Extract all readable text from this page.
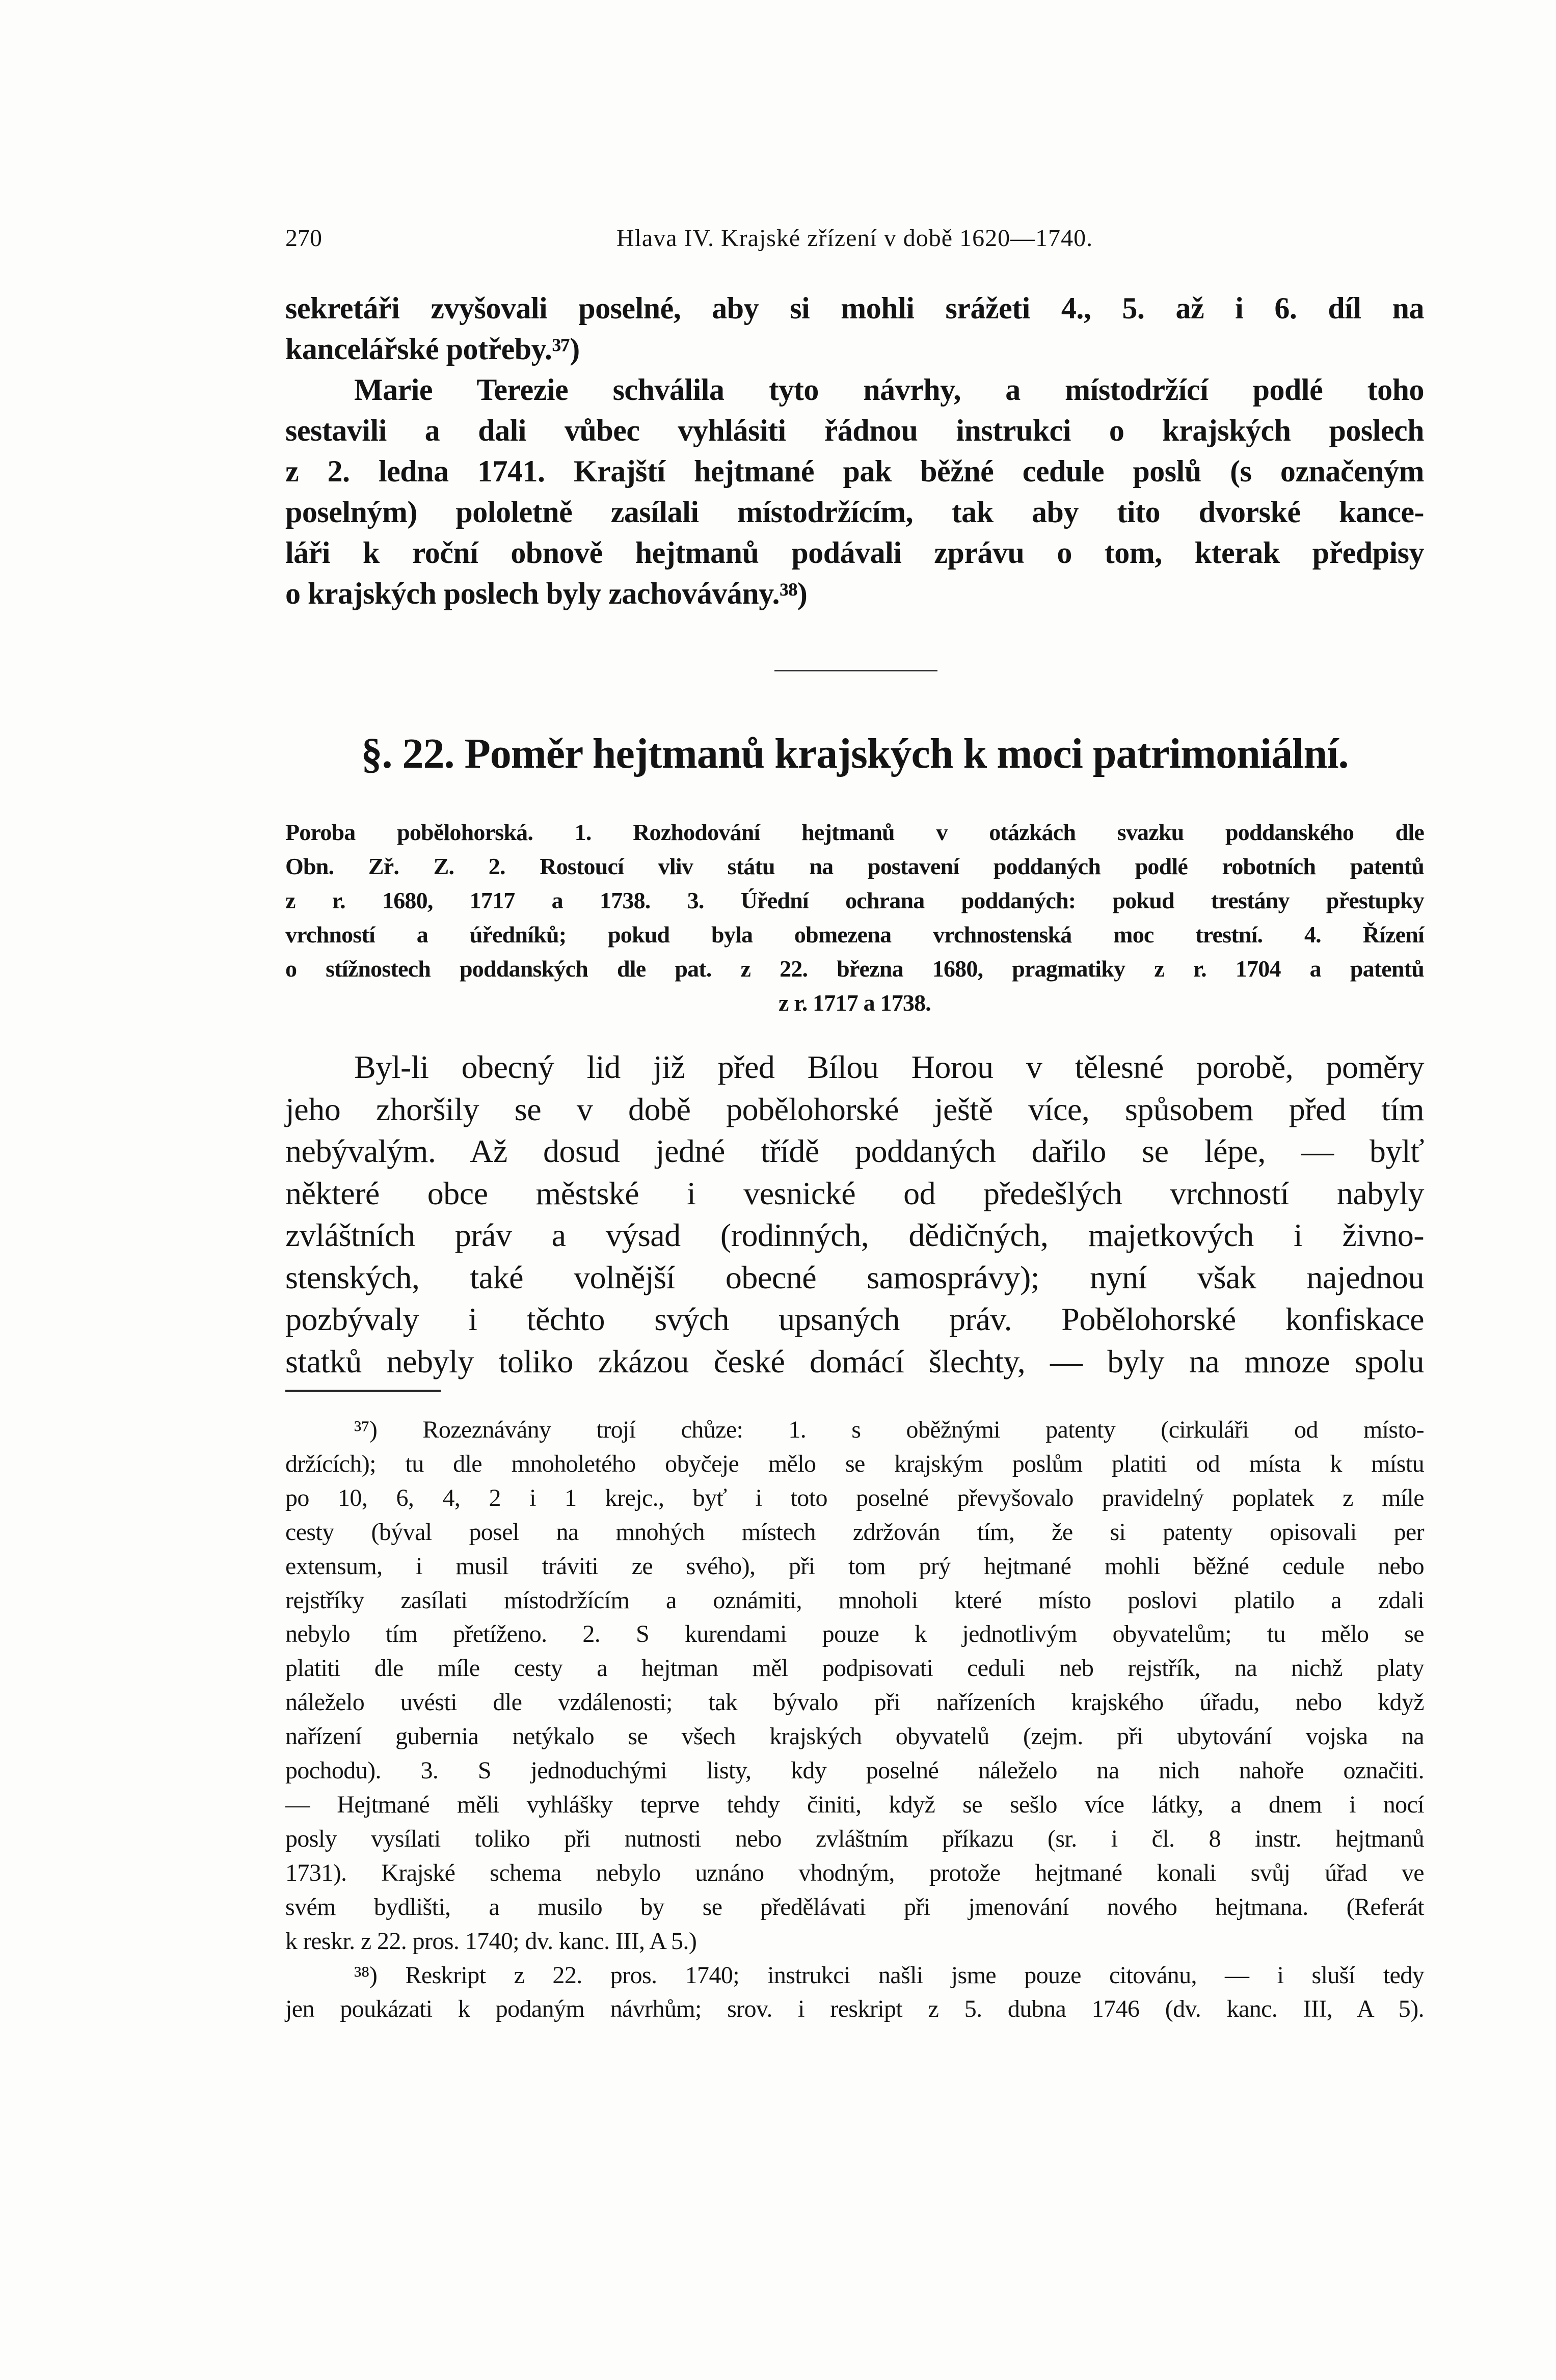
270	Hlava IV. Krajské zřízení v době 1620—1740.
sekretáři zvyšovali poselné, aby si mohli srážeti 4., 5. až i 6. díl na
kancelářské potřeby.³⁷)
Marie Terezie schválila tyto návrhy, a místodržící podlé toho
sestavili a dali vůbec vyhlásiti řádnou instrukci o krajských poslech
z 2. ledna 1741. Krajští hejtmané pak běžné cedule poslů (s označeným
poselným) pololetně zasílali místodržícím, tak aby tito dvorské kance-
láři k roční obnově hejtmanů podávali zprávu o tom, kterak předpisy
o krajských poslech byly zachovávány.³⁸)
§. 22. Poměr hejtmanů krajských k moci patrimoniální.
Poroba pobělohorská. 1. Rozhodování hejtmanů v otázkách svazku poddanského dle
Obn. Zř. Z. 2. Rostoucí vliv státu na postavení poddaných podlé robotních patentů
z r. 1680, 1717 a 1738. 3. Úřední ochrana poddaných: pokud trestány přestupky
vrchností a úředníků; pokud byla obmezena vrchnostenská moc trestní. 4. Řízení
o stížnostech poddanských dle pat. z 22. března 1680, pragmatiky z r. 1704 a patentů
z r. 1717 a 1738.
Byl-li obecný lid již před Bílou Horou v tělesné porobě, poměry
jeho zhoršily se v době pobělohorské ještě více, spůsobem před tím
nebývalým. Až dosud jedné třídě poddaných dařilo se lépe, — bylť
některé obce městské i vesnické od předešlých vrchností nabyly
zvláštních práv a výsad (rodinných, dědičných, majetkových i živno-
stenských, také volnější obecné samosprávy); nyní však najednou
pozbývaly i těchto svých upsaných práv. Pobělohorské konfiskace
statků nebyly toliko zkázou české domácí šlechty, — byly na mnoze spolu
³⁷) Rozeznávány trojí chůze: 1. s oběžnými patenty (cirkuláři od místo-
držících); tu dle mnoholetého obyčeje mělo se krajským poslům platiti od místa k místu
po 10, 6, 4, 2 i 1 krejc., byť i toto poselné převyšovalo pravidelný poplatek z míle
cesty (býval posel na mnohých místech zdržován tím, že si patenty opisovali per
extensum, i musil tráviti ze svého), při tom prý hejtmané mohli běžné cedule nebo
rejstříky zasílati místodržícím a oznámiti, mnoholi které místo poslovi platilo a zdali
nebylo tím přetíženo. 2. S kurendami pouze k jednotlivým obyvatelům; tu mělo se
platiti dle míle cesty a hejtman měl podpisovati ceduli neb rejstřík, na nichž platy
náleželo uvésti dle vzdálenosti; tak bývalo při nařízeních krajského úřadu, nebo když
nařízení gubernia netýkalo se všech krajských obyvatelů (zejm. při ubytování vojska na
pochodu). 3. S jednoduchými listy, kdy poselné náleželo na nich nahoře označiti.
— Hejtmané měli vyhlášky teprve tehdy činiti, když se sešlo více látky, a dnem i nocí
posly vysílati toliko při nutnosti nebo zvláštním příkazu (sr. i čl. 8 instr. hejtmanů
1731). Krajské schema nebylo uznáno vhodným, protože hejtmané konali svůj úřad ve
svém bydlišti, a musilo by se předělávati při jmenování nového hejtmana. (Referát
k reskr. z 22. pros. 1740; dv. kanc. III, A 5.)
³⁸) Reskript z 22. pros. 1740; instrukci našli jsme pouze citovánu, — i sluší tedy
jen poukázati k podaným návrhům; srov. i reskript z 5. dubna 1746 (dv. kanc. III, A 5).
